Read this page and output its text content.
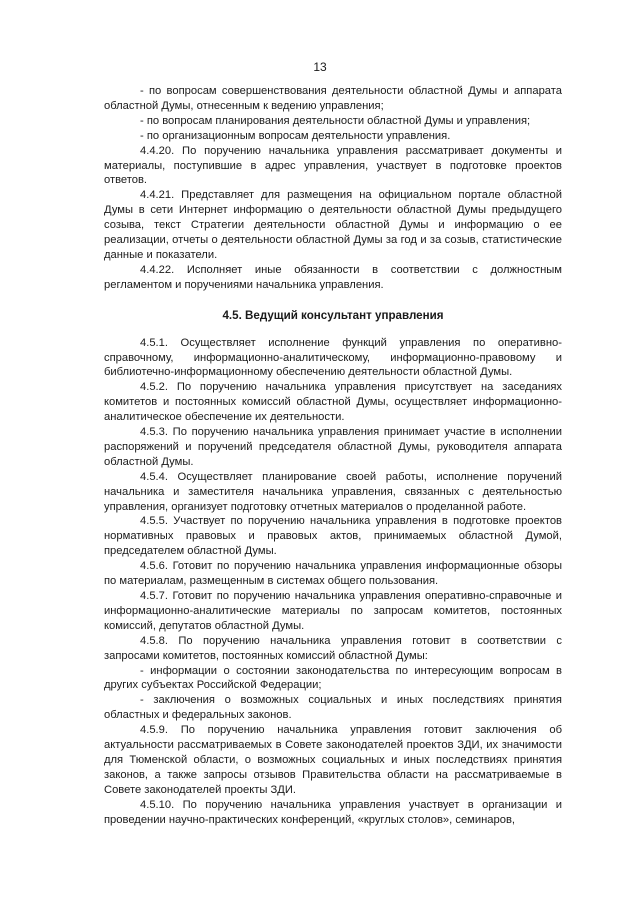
13

- по вопросам совершенствования деятельности областной Думы и аппарата областной Думы, отнесенным к ведению управления;

- по вопросам планирования деятельности областной Думы и управления;

- по организационным вопросам деятельности управления.

4.4.20. По поручению начальника управления рассматривает документы и материалы, поступившие в адрес управления, участвует в подготовке проектов ответов.

4.4.21. Представляет для размещения на официальном портале областной Думы в сети Интернет информацию о деятельности областной Думы предыдущего созыва, текст Стратегии деятельности областной Думы и информацию о ее реализации, отчеты о деятельности областной Думы за год и за созыв, статистические данные и показатели.

4.4.22. Исполняет иные обязанности в соответствии с должностным регламентом и поручениями начальника управления.

4.5. Ведущий консультант управления

4.5.1. Осуществляет исполнение функций управления по оперативно-справочному, информационно-аналитическому, информационно-правовому и библиотечно-информационному обеспечению деятельности областной Думы.

4.5.2. По поручению начальника управления присутствует на заседаниях комитетов и постоянных комиссий областной Думы, осуществляет информационно-аналитическое обеспечение их деятельности.

4.5.3. По поручению начальника управления принимает участие в исполнении распоряжений и поручений председателя областной Думы, руководителя аппарата областной Думы.

4.5.4. Осуществляет планирование своей работы, исполнение поручений начальника и заместителя начальника управления, связанных с деятельностью управления, организует подготовку отчетных материалов о проделанной работе.

4.5.5. Участвует по поручению начальника управления в подготовке проектов нормативных правовых и правовых актов, принимаемых областной Думой, председателем областной Думы.

4.5.6. Готовит по поручению начальника управления информационные обзоры по материалам, размещенным в системах общего пользования.

4.5.7. Готовит по поручению начальника управления оперативно-справочные и информационно-аналитические материалы по запросам комитетов, постоянных комиссий, депутатов областной Думы.

4.5.8. По поручению начальника управления готовит в соответствии с запросами комитетов, постоянных комиссий областной Думы:

- информации о состоянии законодательства по интересующим вопросам в других субъектах Российской Федерации;

- заключения о возможных социальных и иных последствиях принятия областных и федеральных законов.

4.5.9. По поручению начальника управления готовит заключения об актуальности рассматриваемых в Совете законодателей проектов ЗДИ, их значимости для Тюменской области, о возможных социальных и иных последствиях принятия законов, а также запросы отзывов Правительства области на рассматриваемые в Совете законодателей проекты ЗДИ.

4.5.10. По поручению начальника управления участвует в организации и проведении научно-практических конференций, «круглых столов», семинаров,
